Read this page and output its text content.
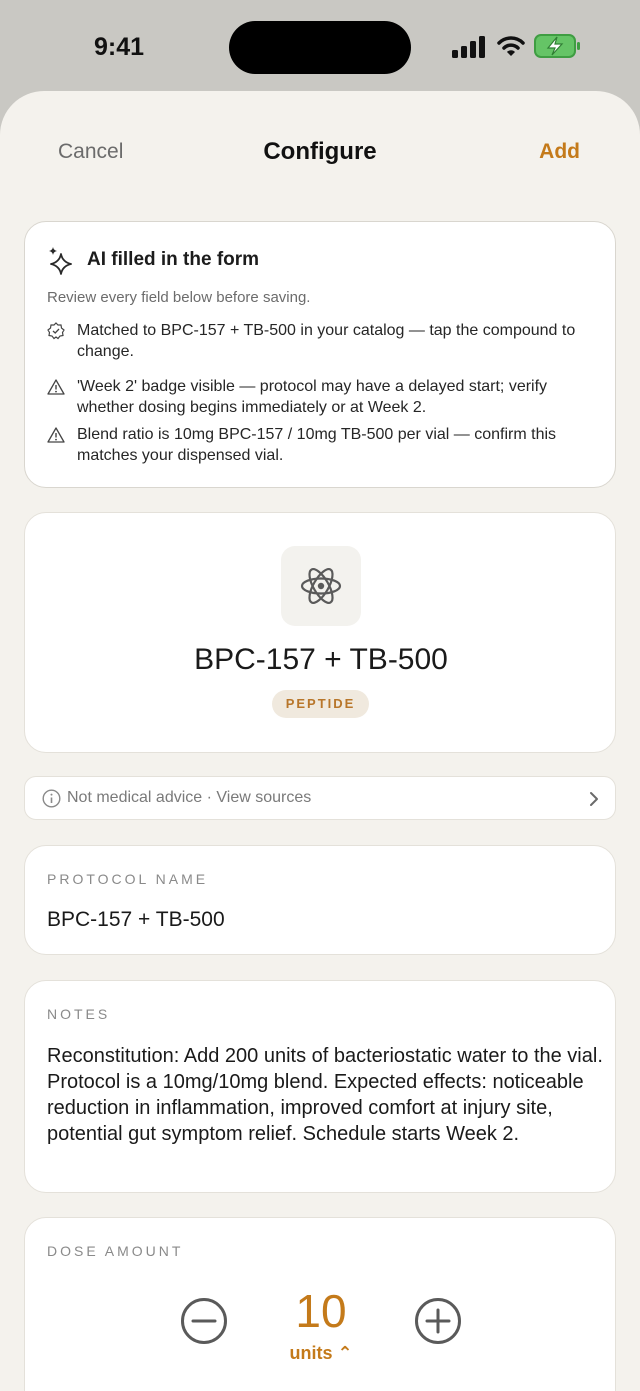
9:41
Cancel	Configure	Add
AI filled in the form
Review every field below before saving.
Matched to BPC-157 + TB-500 in your catalog — tap the compound to change.
'Week 2' badge visible — protocol may have a delayed start; verify whether dosing begins immediately or at Week 2.
Blend ratio is 10mg BPC-157 / 10mg TB-500 per vial — confirm this matches your dispensed vial.
BPC-157 + TB-500
PEPTIDE
Not medical advice · View sources
PROTOCOL NAME
BPC-157 + TB-500
NOTES
Reconstitution: Add 200 units of bacteriostatic water to the vial. Protocol is a 10mg/10mg blend. Expected effects: noticeable reduction in inflammation, improved comfort at injury site, potential gut symptom relief. Schedule starts Week 2.
DOSE AMOUNT
10
units ⌃
